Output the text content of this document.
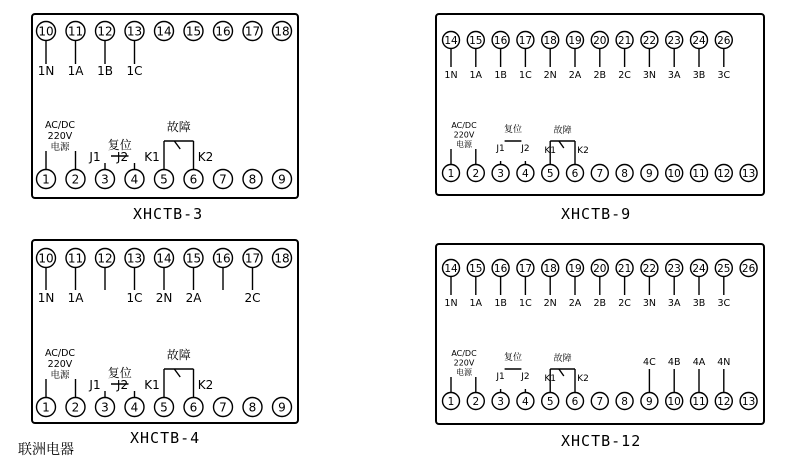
XHCTB-3	XHCTB-9
XHCTB-4	XHCTB-12
联洲电器
10
1N
11
1A
12
1B
13
1C
14 15 16 17 18
1 2 3 4 5 6 7 8 9
AC/DC
220V
电源	复位
J1 J2
故障
K1	K2
14
1N
15
1A
16
1B
17
1C
18
2N
19
2A
20
2B
21
2C
22
3N
23
3A
24
3B
26
3C
1 2 3 4 5 6 7 8 9 10 11 12 13
AC/DC
220V
电源
复位
J1 J2
故障
K1 K2
10
1N
11
1A
12 13
1C
14
2N
15
2A
16 17
2C
18
1 2 3 4 5 6 7 8 9
AC/DC
220V
电源	复位
J1 J2
故障
K1	K2
14
1N
15
1A
16
1B
17
1C
18
2N
19
2A
20
2B
21
2C
22
3N
23
3A
24
3B
25
3C
26
1 2 3 4 5 6 7 8 9
4C
10
4B
11
4A
12
4N
13
AC/DC
220V
电源
复位
J1 J2
故障
K1 K2
